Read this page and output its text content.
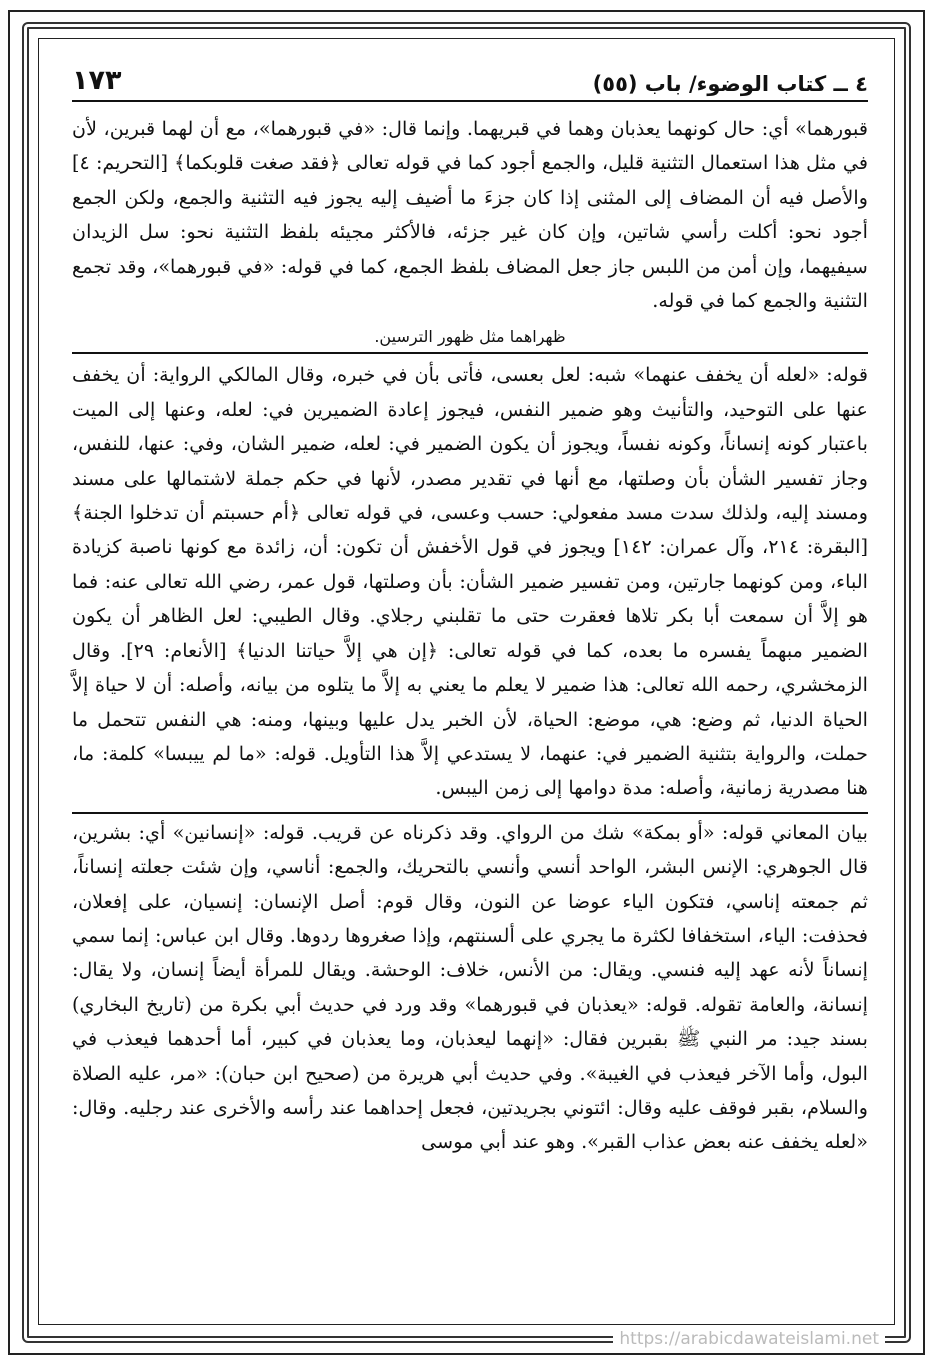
٤ ــ كتاب الوضوء/ باب (٥٥)
١٧٣

قبورهما» أي: حال كونهما يعذبان وهما في قبريهما. وإنما قال: «في قبورهما»، مع أن لهما قبرين، لأن في مثل هذا استعمال التثنية قليل، والجمع أجود كما في قوله تعالى ﴿فقد صغت قلوبكما﴾ [التحريم: ٤] والأصل فيه أن المضاف إلى المثنى إذا كان جزءَ ما أضيف إليه يجوز فيه التثنية والجمع، ولكن الجمع أجود نحو: أكلت رأسي شاتين، وإن كان غير جزئه، فالأكثر مجيئه بلفظ التثنية نحو: سل الزيدان سيفيهما، وإن أمن من اللبس جاز جعل المضاف بلفظ الجمع، كما في قوله: «في قبورهما»، وقد تجمع التثنية والجمع كما في قوله.

ظهراهما مثل ظهور الترسين.

قوله: «لعله أن يخفف عنهما» شبه: لعل بعسى، فأتى بأن في خبره، وقال المالكي الرواية: أن يخفف عنها على التوحيد، والتأنيث وهو ضمير النفس، فيجوز إعادة الضميرين في: لعله، وعنها إلى الميت باعتبار كونه إنساناً، وكونه نفساً، ويجوز أن يكون الضمير في: لعله، ضمير الشان، وفي: عنها، للنفس، وجاز تفسير الشأن بأن وصلتها، مع أنها في تقدير مصدر، لأنها في حكم جملة لاشتمالها على مسند ومسند إليه، ولذلك سدت مسد مفعولي: حسب وعسى، في قوله تعالى ﴿أم حسبتم أن تدخلوا الجنة﴾ [البقرة: ٢١٤، وآل عمران: ١٤٢] ويجوز في قول الأخفش أن تكون: أن، زائدة مع كونها ناصبة كزيادة الباء، ومن كونهما جارتين، ومن تفسير ضمير الشأن: بأن وصلتها، قول عمر، رضي الله تعالى عنه: فما هو إلاَّ أن سمعت أبا بكر تلاها فعقرت حتى ما تقلبني رجلاي. وقال الطيبي: لعل الظاهر أن يكون الضمير مبهماً يفسره ما بعده، كما في قوله تعالى: ﴿إن هي إلاَّ حياتنا الدنيا﴾ [الأنعام: ٢٩]. وقال الزمخشري، رحمه الله تعالى: هذا ضمير لا يعلم ما يعني به إلاَّ ما يتلوه من بيانه، وأصله: أن لا حياة إلاَّ الحياة الدنيا، ثم وضع: هي، موضع: الحياة، لأن الخبر يدل عليها وبينها، ومنه: هي النفس تتحمل ما حملت، والرواية بتثنية الضمير في: عنهما، لا يستدعي إلاَّ هذا التأويل. قوله: «ما لم ييبسا» كلمة: ما، هنا مصدرية زمانية، وأصله: مدة دوامها إلى زمن اليبس.

بيان المعاني قوله: «أو بمكة» شك من الرواي. وقد ذكرناه عن قريب. قوله: «إنسانين» أي: بشرين، قال الجوهري: الإنس البشر، الواحد أنسي وأنسي بالتحريك، والجمع: أناسي، وإن شئت جعلته إنساناً، ثم جمعته إناسي، فتكون الياء عوضا عن النون، وقال قوم: أصل الإنسان: إنسيان، على إفعلان، فحذفت: الياء، استخفافا لكثرة ما يجري على ألسنتهم، وإذا صغروها ردوها. وقال ابن عباس: إنما سمي إنساناً لأنه عهد إليه فنسي. ويقال: من الأنس، خلاف: الوحشة. ويقال للمرأة أيضاً إنسان، ولا يقال: إنسانة، والعامة تقوله. قوله: «يعذبان في قبورهما» وقد ورد في حديث أبي بكرة من (تاريخ البخاري) بسند جيد: مر النبي ﷺ بقبرين فقال: «إنهما ليعذبان، وما يعذبان في كبير، أما أحدهما فيعذب في البول، وأما الآخر فيعذب في الغيبة». وفي حديث أبي هريرة من (صحيح ابن حبان): «مر، عليه الصلاة والسلام، بقبر فوقف عليه وقال: ائتوني بجريدتين، فجعل إحداهما عند رأسه والأخرى عند رجليه. وقال: «لعله يخفف عنه بعض عذاب القبر». وهو عند أبي موسى

https://arabicdawateislami.net
